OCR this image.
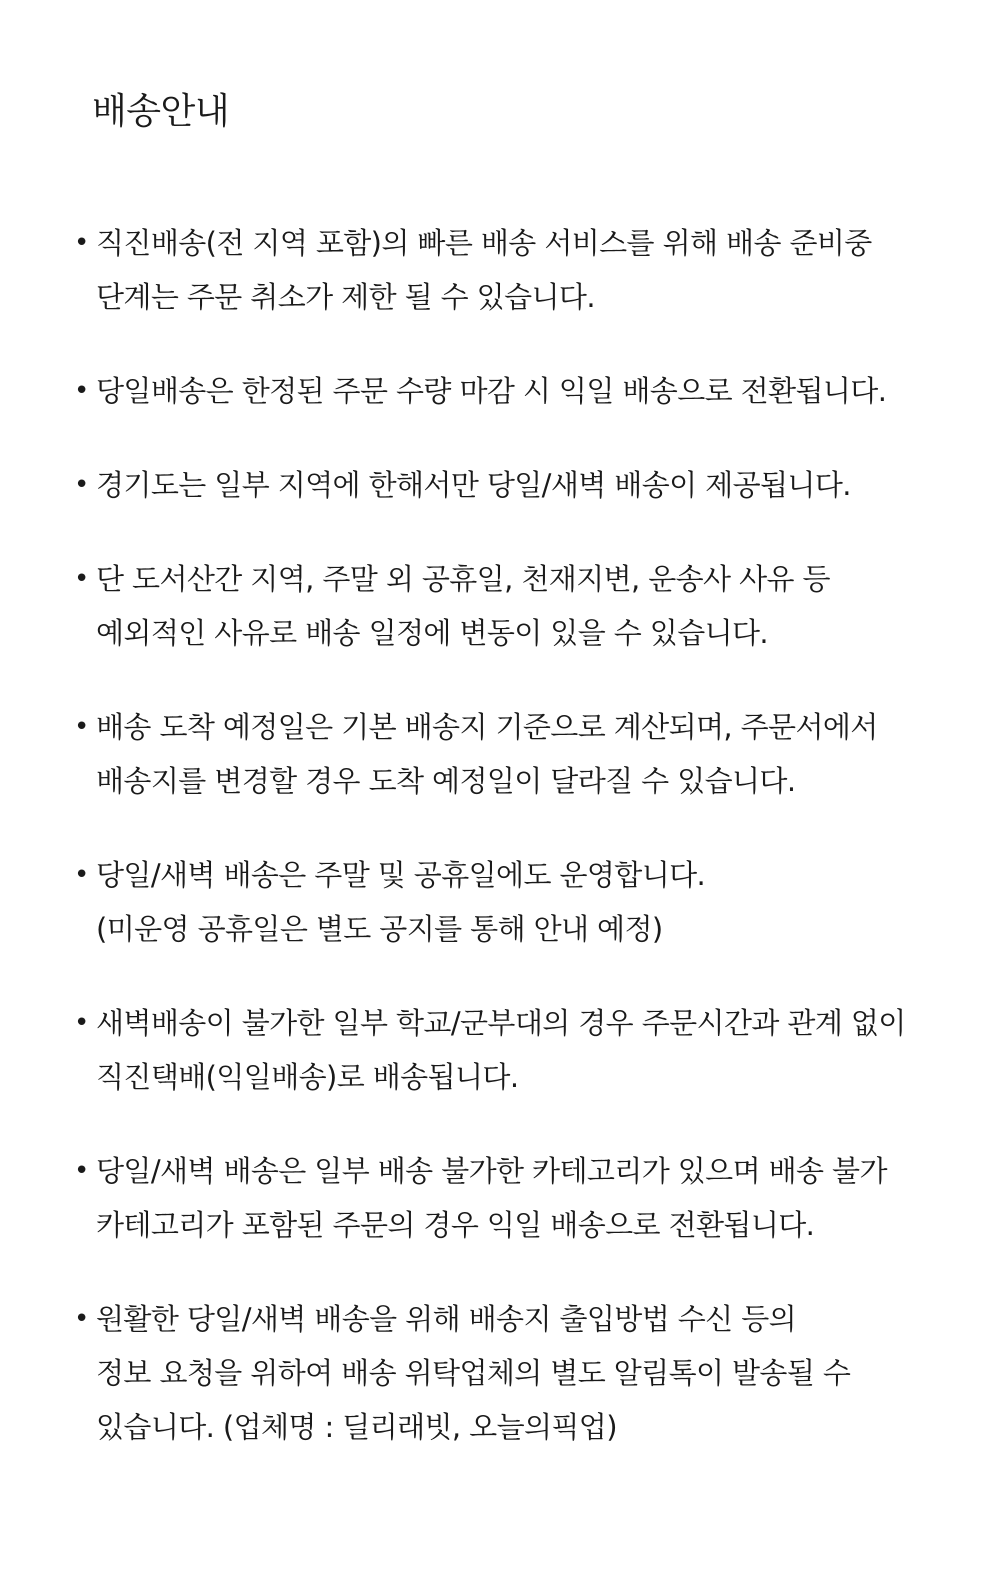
배송안내
• 직진배송(전 지역 포함)의 빠른 배송 서비스를 위해 배송 준비중
단계는 주문 취소가 제한 될 수 있습니다.
• 당일배송은 한정된 주문 수량 마감 시 익일 배송으로 전환됩니다.
• 경기도는 일부 지역에 한해서만 당일/새벽 배송이 제공됩니다.
• 단 도서산간 지역, 주말 외 공휴일, 천재지변, 운송사 사유 등
예외적인 사유로 배송 일정에 변동이 있을 수 있습니다.
• 배송 도착 예정일은 기본 배송지 기준으로 계산되며, 주문서에서
배송지를 변경할 경우 도착 예정일이 달라질 수 있습니다.
• 당일/새벽 배송은 주말 및 공휴일에도 운영합니다.
(미운영 공휴일은 별도 공지를 통해 안내 예정)
• 새벽배송이 불가한 일부 학교/군부대의 경우 주문시간과 관계 없이
직진택배(익일배송)로 배송됩니다.
• 당일/새벽 배송은 일부 배송 불가한 카테고리가 있으며 배송 불가
카테고리가 포함된 주문의 경우 익일 배송으로 전환됩니다.
• 원활한 당일/새벽 배송을 위해 배송지 출입방법 수신 등의
정보 요청을 위하여 배송 위탁업체의 별도 알림톡이 발송될 수
있습니다. (업체명 : 딜리래빗, 오늘의픽업)
